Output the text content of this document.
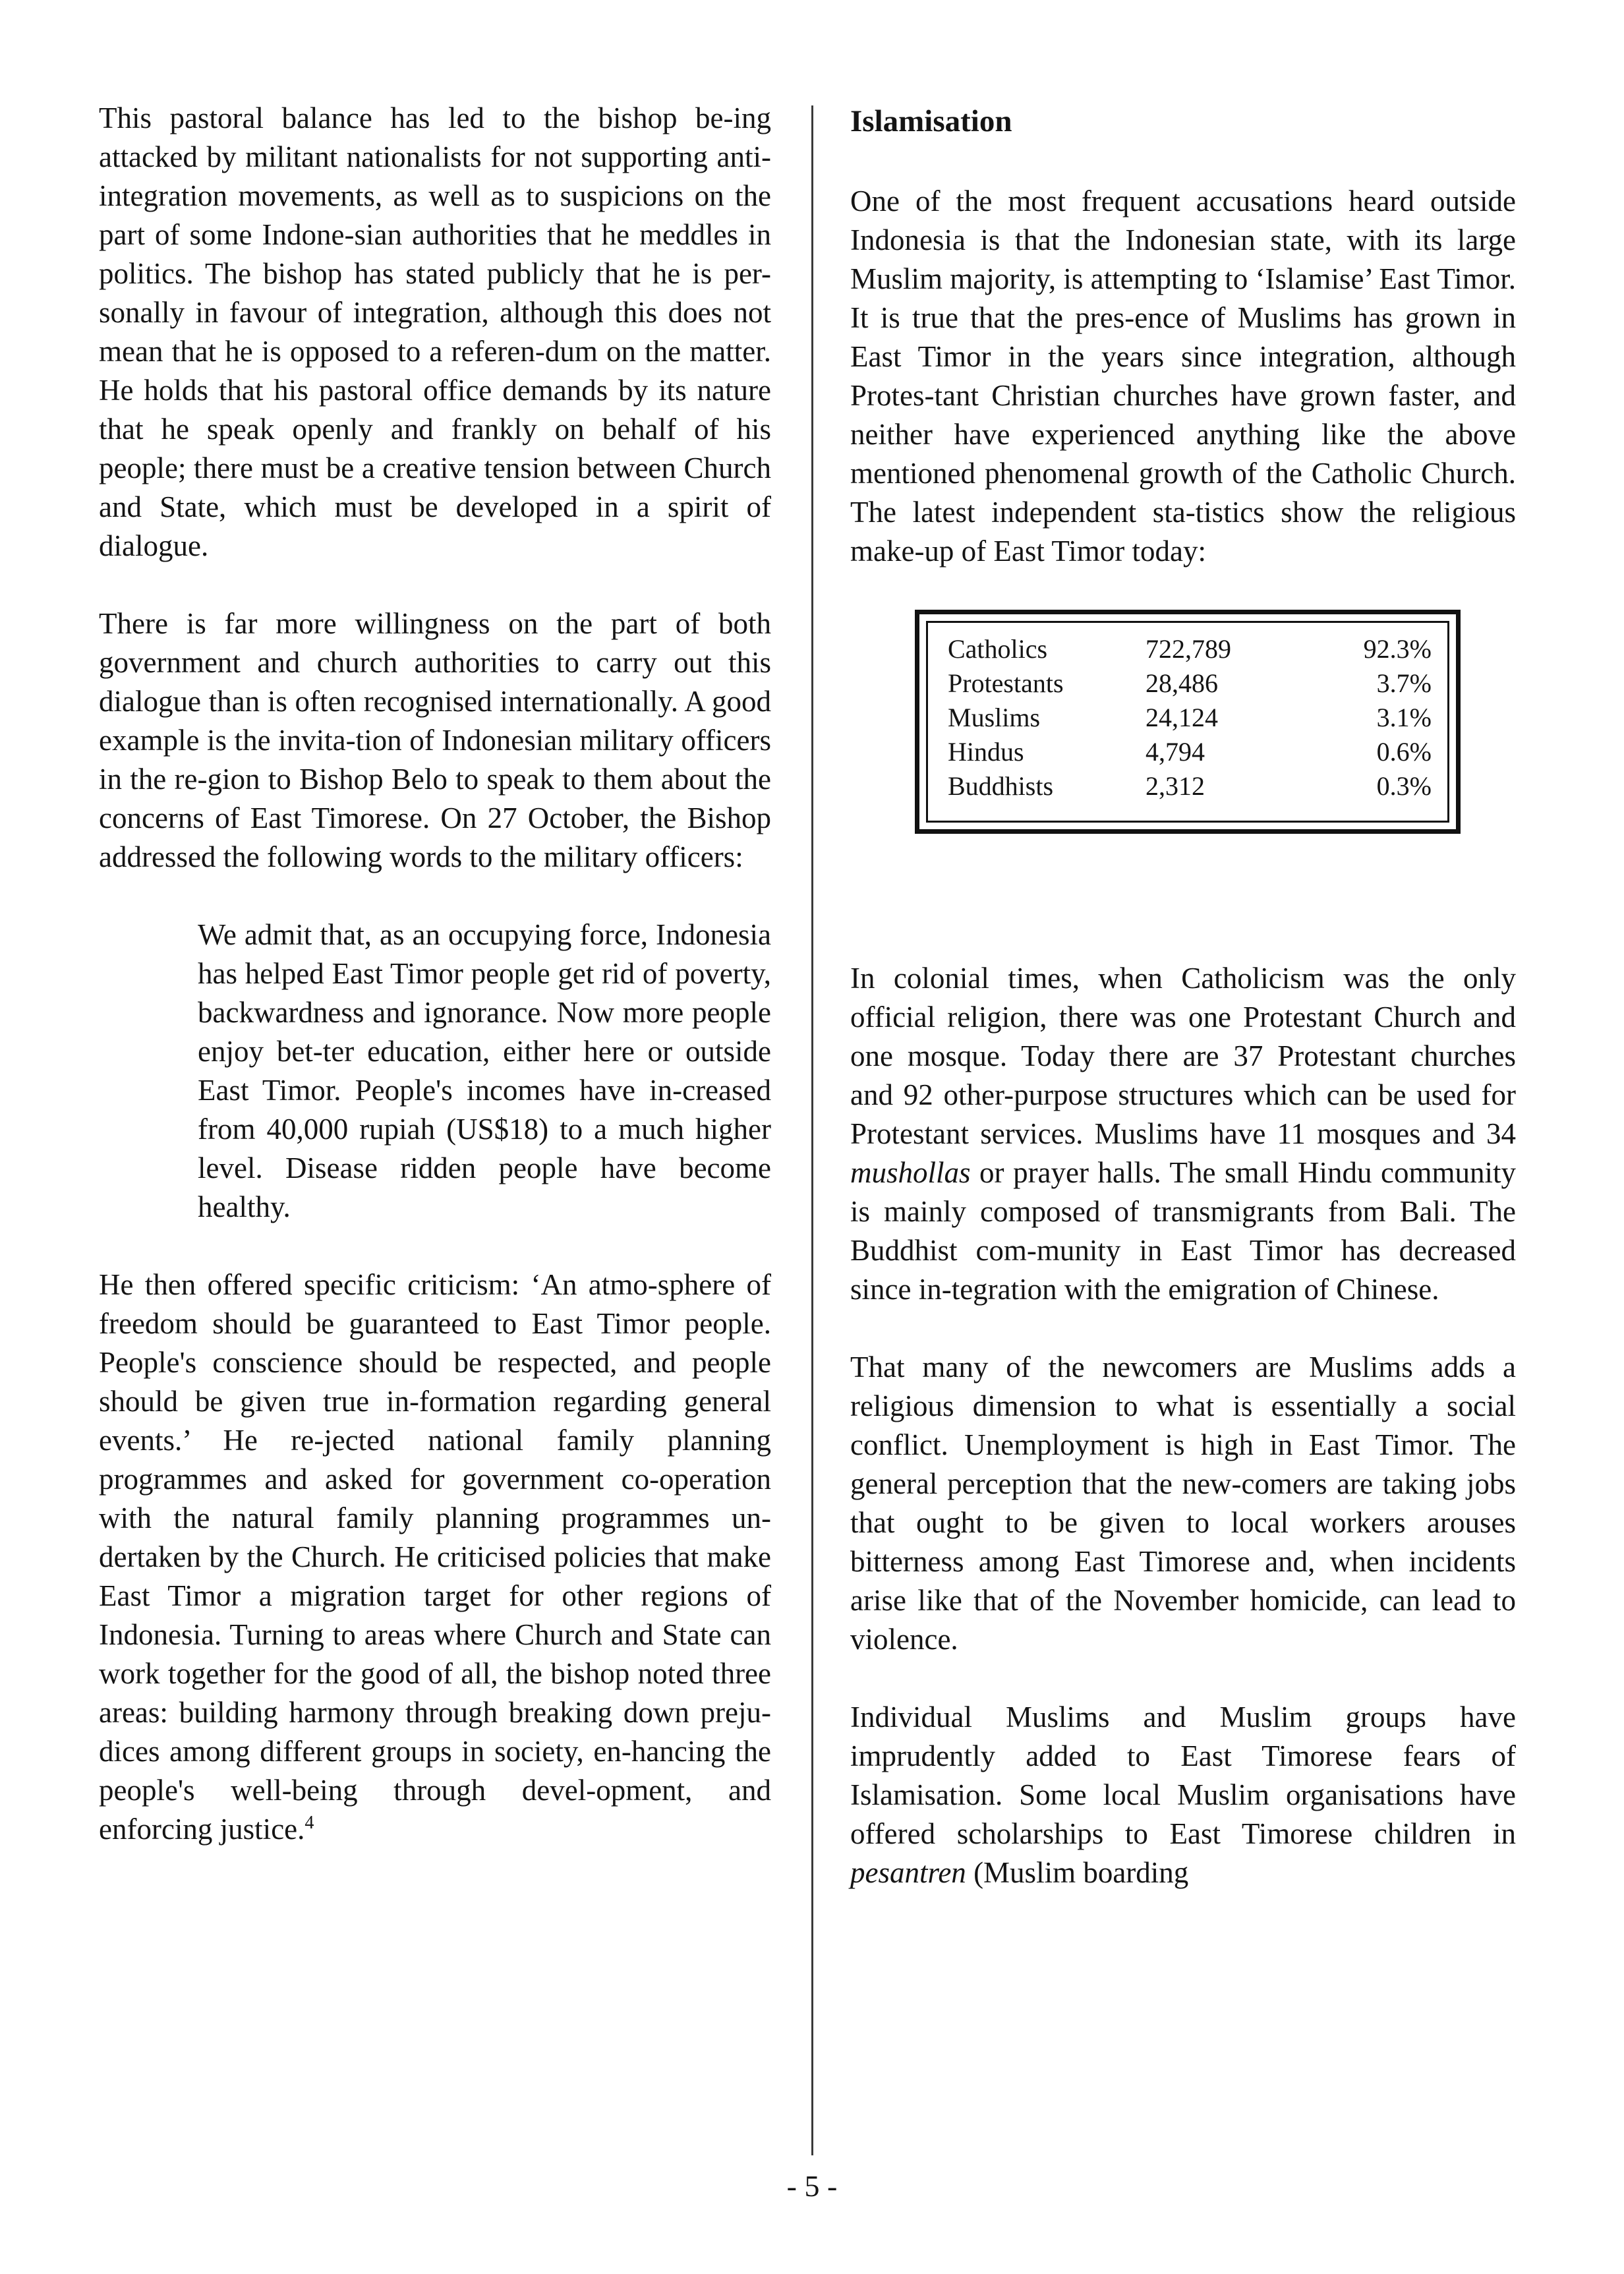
This pastoral balance has led to the bishop be-ing attacked by militant nationalists for not supporting anti-integration movements, as well as to suspicions on the part of some Indone-sian authorities that he meddles in politics. The bishop has stated publicly that he is per-sonally in favour of integration, although this does not mean that he is opposed to a referen-dum on the matter. He holds that his pastoral office demands by its nature that he speak openly and frankly on behalf of his people; there must be a creative tension between Church and State, which must be developed in a spirit of dialogue.

There is far more willingness on the part of both government and church authorities to carry out this dialogue than is often recognised internationally. A good example is the invita-tion of Indonesian military officers in the re-gion to Bishop Belo to speak to them about the concerns of East Timorese. On 27 October, the Bishop addressed the following words to the military officers:

We admit that, as an occupying force, Indonesia has helped East Timor people get rid of poverty, backwardness and ignorance. Now more people enjoy bet-ter education, either here or outside East Timor. People's incomes have in-creased from 40,000 rupiah (US$18) to a much higher level. Disease ridden people have become healthy.

He then offered specific criticism: ‘An atmo-sphere of freedom should be guaranteed to East Timor people. People's conscience should be respected, and people should be given true in-formation regarding general events.’ He re-jected national family planning programmes and asked for government co-operation with the natural family planning programmes un-dertaken by the Church. He criticised policies that make East Timor a migration target for other regions of Indonesia. Turning to areas where Church and State can work together for the good of all, the bishop noted three areas: building harmony through breaking down preju-dices among different groups in society, en-hancing the people's well-being through devel-opment, and enforcing justice.$^4$

Islamisation

One of the most frequent accusations heard outside Indonesia is that the Indonesian state, with its large Muslim majority, is attempting to ‘Islamise’ East Timor. It is true that the pres-ence of Muslims has grown in East Timor in the years since integration, although Protes-tant Christian churches have grown faster, and neither have experienced anything like the above mentioned phenomenal growth of the Catholic Church. The latest independent sta-tistics show the religious make-up of East Timor today:

Catholics	722,789	92.3%
Protestants	28,486	3.7%
Muslims	24,124	3.1%
Hindus	4,794	0.6%
Buddhists	2,312	0.3%

In colonial times, when Catholicism was the only official religion, there was one Protestant Church and one mosque. Today there are 37 Protestant churches and 92 other-purpose structures which can be used for Protestant services. Muslims have 11 mosques and 34 mushollas or prayer halls. The small Hindu community is mainly composed of transmigrants from Bali. The Buddhist com-munity in East Timor has decreased since in-tegration with the emigration of Chinese.

That many of the newcomers are Muslims adds a religious dimension to what is essentially a social conflict. Unemployment is high in East Timor. The general perception that the new-comers are taking jobs that ought to be given to local workers arouses bitterness among East Timorese and, when incidents arise like that of the November homicide, can lead to violence.

Individual Muslims and Muslim groups have imprudently added to East Timorese fears of Islamisation. Some local Muslim organisations have offered scholarships to East Timorese children in pesantren (Muslim boarding

- 5 -
